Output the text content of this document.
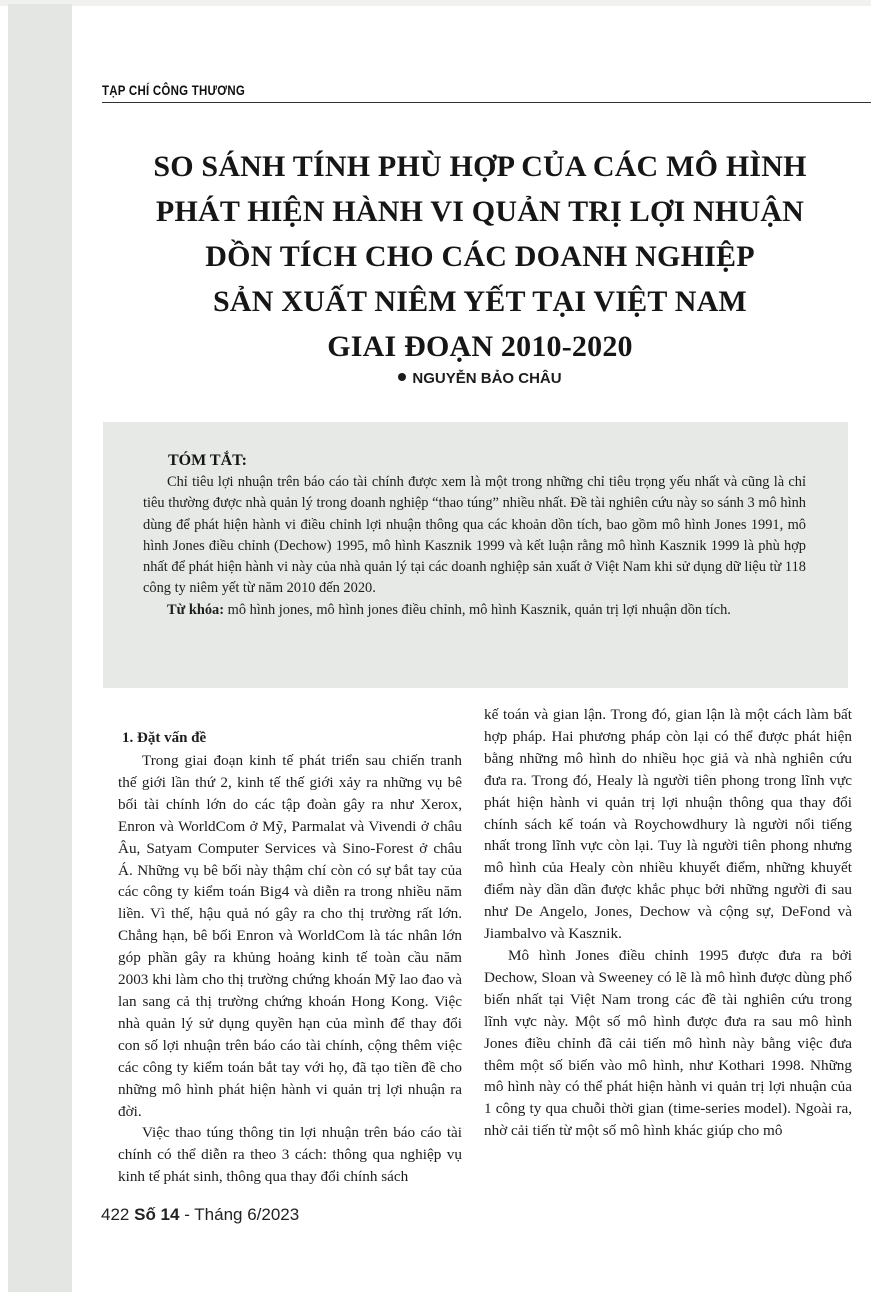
TẠP CHÍ CÔNG THƯƠNG
SO SÁNH TÍNH PHÙ HỢP CỦA CÁC MÔ HÌNH
PHÁT HIỆN HÀNH VI QUẢN TRỊ LỢI NHUẬN
DỒN TÍCH CHO CÁC DOANH NGHIỆP
SẢN XUẤT NIÊM YẾT TẠI VIỆT NAM
GIAI ĐOẠN 2010-2020
NGUYỄN BẢO CHÂU
TÓM TẮT:

Chỉ tiêu lợi nhuận trên báo cáo tài chính được xem là một trong những chỉ tiêu trọng yếu nhất và cũng là chỉ tiêu thường được nhà quản lý trong doanh nghiệp “thao túng” nhiều nhất. Đề tài nghiên cứu này so sánh 3 mô hình dùng để phát hiện hành vi điều chỉnh lợi nhuận thông qua các khoản dồn tích, bao gồm mô hình Jones 1991, mô hình Jones điều chỉnh (Dechow) 1995, mô hình Kasznik 1999 và kết luận rằng mô hình Kasznik 1999 là phù hợp nhất để phát hiện hành vi này của nhà quản lý tại các doanh nghiệp sản xuất ở Việt Nam khi sử dụng dữ liệu từ 118 công ty niêm yết từ năm 2010 đến 2020.

Từ khóa: mô hình jones, mô hình jones điều chỉnh, mô hình Kasznik, quản trị lợi nhuận dồn tích.

1. Đặt vấn đề

Trong giai đoạn kinh tế phát triển sau chiến tranh thế giới lần thứ 2, kinh tế thế giới xảy ra những vụ bê bối tài chính lớn do các tập đoàn gây ra như Xerox, Enron và WorldCom ở Mỹ, Parmalat và Vivendi ở châu Âu, Satyam Computer Services và Sino-Forest ở châu Á. Những vụ bê bối này thậm chí còn có sự bắt tay của các công ty kiểm toán Big4 và diễn ra trong nhiều năm liền. Vì thế, hậu quả nó gây ra cho thị trường rất lớn. Chẳng hạn, bê bối Enron và WorldCom là tác nhân lớn góp phần gây ra khủng hoảng kinh tế toàn cầu năm 2003 khi làm cho thị trường chứng khoán Mỹ lao đao và lan sang cả thị trường chứng khoán Hong Kong. Việc nhà quản lý sử dụng quyền hạn của mình để thay đổi con số lợi nhuận trên báo cáo tài chính, cộng thêm việc các công ty kiểm toán bắt tay với họ, đã tạo tiền đề cho những mô hình phát hiện hành vi quản trị lợi nhuận ra đời.

Việc thao túng thông tin lợi nhuận trên báo cáo tài chính có thể diễn ra theo 3 cách: thông qua nghiệp vụ kinh tế phát sinh, thông qua thay đổi chính sách

kế toán và gian lận. Trong đó, gian lận là một cách làm bất hợp pháp. Hai phương pháp còn lại có thể được phát hiện bằng những mô hình do nhiều học giả và nhà nghiên cứu đưa ra. Trong đó, Healy là người tiên phong trong lĩnh vực phát hiện hành vi quản trị lợi nhuận thông qua thay đổi chính sách kế toán và Roychowdhury là người nổi tiếng nhất trong lĩnh vực còn lại. Tuy là người tiên phong nhưng mô hình của Healy còn nhiều khuyết điểm, những khuyết điểm này dần dần được khắc phục bởi những người đi sau như De Angelo, Jones, Dechow và cộng sự, DeFond và Jiambalvo và Kasznik.

Mô hình Jones điều chỉnh 1995 được đưa ra bởi Dechow, Sloan và Sweeney có lẽ là mô hình được dùng phổ biến nhất tại Việt Nam trong các đề tài nghiên cứu trong lĩnh vực này. Một số mô hình được đưa ra sau mô hình Jones điều chỉnh đã cải tiến mô hình này bằng việc đưa thêm một số biến vào mô hình, như Kothari 1998. Những mô hình này có thể phát hiện hành vi quản trị lợi nhuận của 1 công ty qua chuỗi thời gian (time-series model). Ngoài ra, nhờ cải tiến từ một số mô hình khác giúp cho mô

422 Số 14 - Tháng 6/2023
